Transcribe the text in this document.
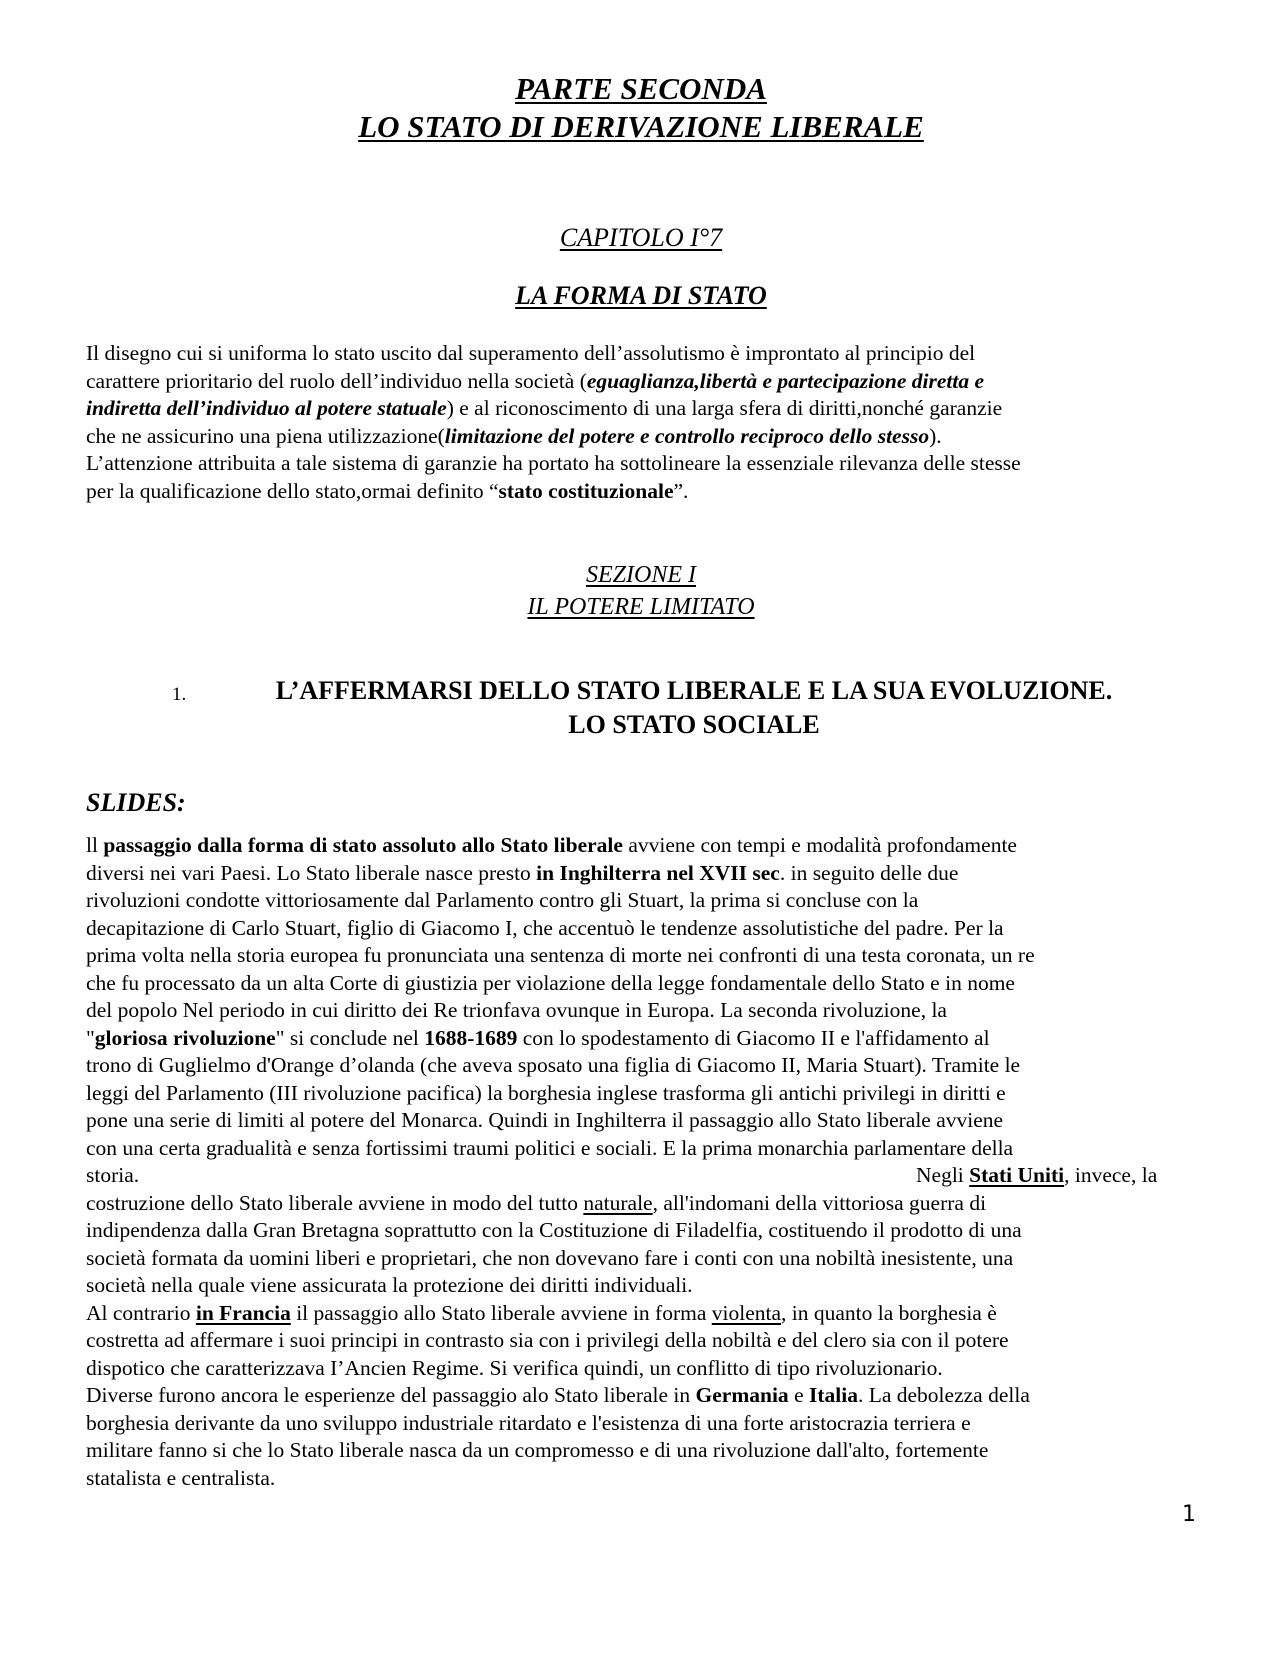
PARTE SECONDA
LO STATO DI DERIVAZIONE LIBERALE
CAPITOLO I°7
LA FORMA DI STATO
Il disegno cui si uniforma lo stato uscito dal superamento dell’assolutismo è improntato al principio del
carattere prioritario del ruolo dell’individuo nella società (eguaglianza,libertà e partecipazione diretta e
indiretta dell’individuo al potere statuale) e al riconoscimento di una larga sfera di diritti,nonché garanzie
che ne assicurino una piena utilizzazione(limitazione del potere e controllo reciproco dello stesso).
L’attenzione attribuita a tale sistema di garanzie ha portato ha sottolineare la essenziale rilevanza delle stesse
per la qualificazione dello stato,ormai definito “stato costituzionale”.
SEZIONE I
IL POTERE LIMITATO
1.	L’AFFERMARSI DELLO STATO LIBERALE E LA SUA EVOLUZIONE.
LO STATO SOCIALE
SLIDES:
ll passaggio dalla forma di stato assoluto allo Stato liberale avviene con tempi e modalità profondamente
diversi nei vari Paesi. Lo Stato liberale nasce presto in Inghilterra nel XVII sec. in seguito delle due
rivoluzioni condotte vittoriosamente dal Parlamento contro gli Stuart, la prima si concluse con la
decapitazione di Carlo Stuart, figlio di Giacomo I, che accentuò le tendenze assolutistiche del padre. Per la
prima volta nella storia europea fu pronunciata una sentenza di morte nei confronti di una testa coronata, un re
che fu processato da un alta Corte di giustizia per violazione della legge fondamentale dello Stato e in nome
del popolo Nel periodo in cui diritto dei Re trionfava ovunque in Europa. La seconda rivoluzione, la
"gloriosa rivoluzione" si conclude nel 1688-1689 con lo spodestamento di Giacomo II e l'affidamento al
trono di Guglielmo d'Orange d’olanda (che aveva sposato una figlia di Giacomo II, Maria Stuart). Tramite le
leggi del Parlamento (III rivoluzione pacifica) la borghesia inglese trasforma gli antichi privilegi in diritti e
pone una serie di limiti al potere del Monarca. Quindi in Inghilterra il passaggio allo Stato liberale avviene
con una certa gradualità e senza fortissimi traumi politici e sociali. E la prima monarchia parlamentare della
storia.	Negli Stati Uniti, invece, la
costruzione dello Stato liberale avviene in modo del tutto naturale, all'indomani della vittoriosa guerra di
indipendenza dalla Gran Bretagna soprattutto con la Costituzione di Filadelfia, costituendo il prodotto di una
società formata da uomini liberi e proprietari, che non dovevano fare i conti con una nobiltà inesistente, una
società nella quale viene assicurata la protezione dei diritti individuali.
Al contrario in Francia il passaggio allo Stato liberale avviene in forma violenta, in quanto la borghesia è
costretta ad affermare i suoi principi in contrasto sia con i privilegi della nobiltà e del clero sia con il potere
dispotico che caratterizzava I’Ancien Regime. Si verifica quindi, un conflitto di tipo rivoluzionario.
Diverse furono ancora le esperienze del passaggio alo Stato liberale in Germania e Italia. La debolezza della
borghesia derivante da uno sviluppo industriale ritardato e l'esistenza di una forte aristocrazia terriera e
militare fanno si che lo Stato liberale nasca da un compromesso e di una rivoluzione dall'alto, fortemente
statalista e centralista.
1
